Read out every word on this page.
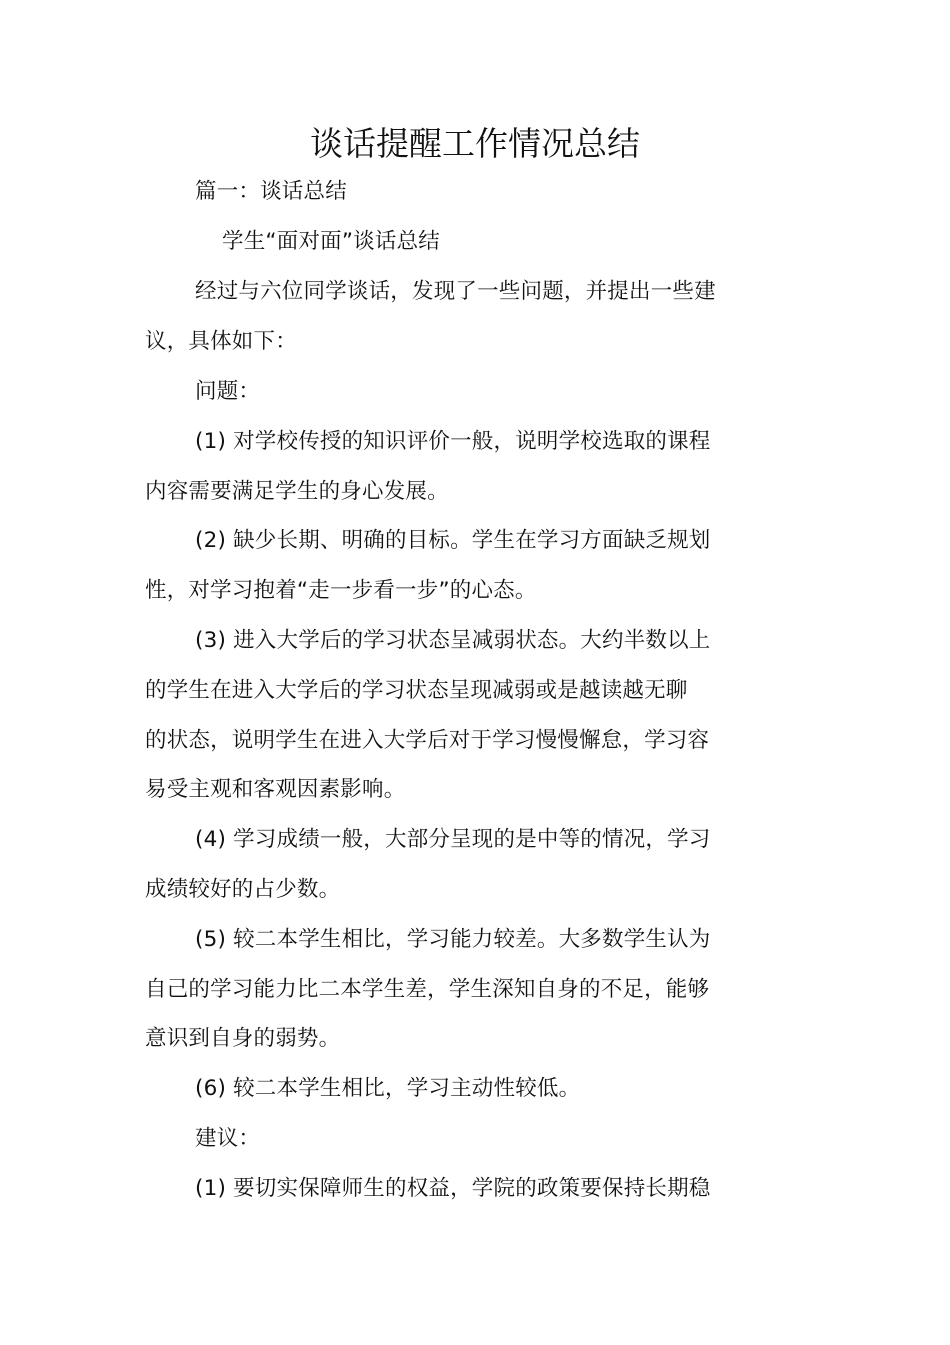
谈话提醒工作情况总结
篇一：谈话总结
学生“面对面”谈话总结
经过与六位同学谈话，发现了一些问题，并提出一些建
议，具体如下：
问题：
(1) 对学校传授的知识评价一般，说明学校选取的课程
内容需要满足学生的身心发展。
(2) 缺少长期、明确的目标。学生在学习方面缺乏规划
性，对学习抱着“走一步看一步”的心态。
(3) 进入大学后的学习状态呈减弱状态。大约半数以上
的学生在进入大学后的学习状态呈现减弱或是越读越无聊
的状态，说明学生在进入大学后对于学习慢慢懈怠，学习容
易受主观和客观因素影响。
(4) 学习成绩一般，大部分呈现的是中等的情况，学习
成绩较好的占少数。
(5) 较二本学生相比，学习能力较差。大多数学生认为
自己的学习能力比二本学生差，学生深知自身的不足，能够
意识到自身的弱势。
(6) 较二本学生相比，学习主动性较低。
建议：
(1) 要切实保障师生的权益，学院的政策要保持长期稳
